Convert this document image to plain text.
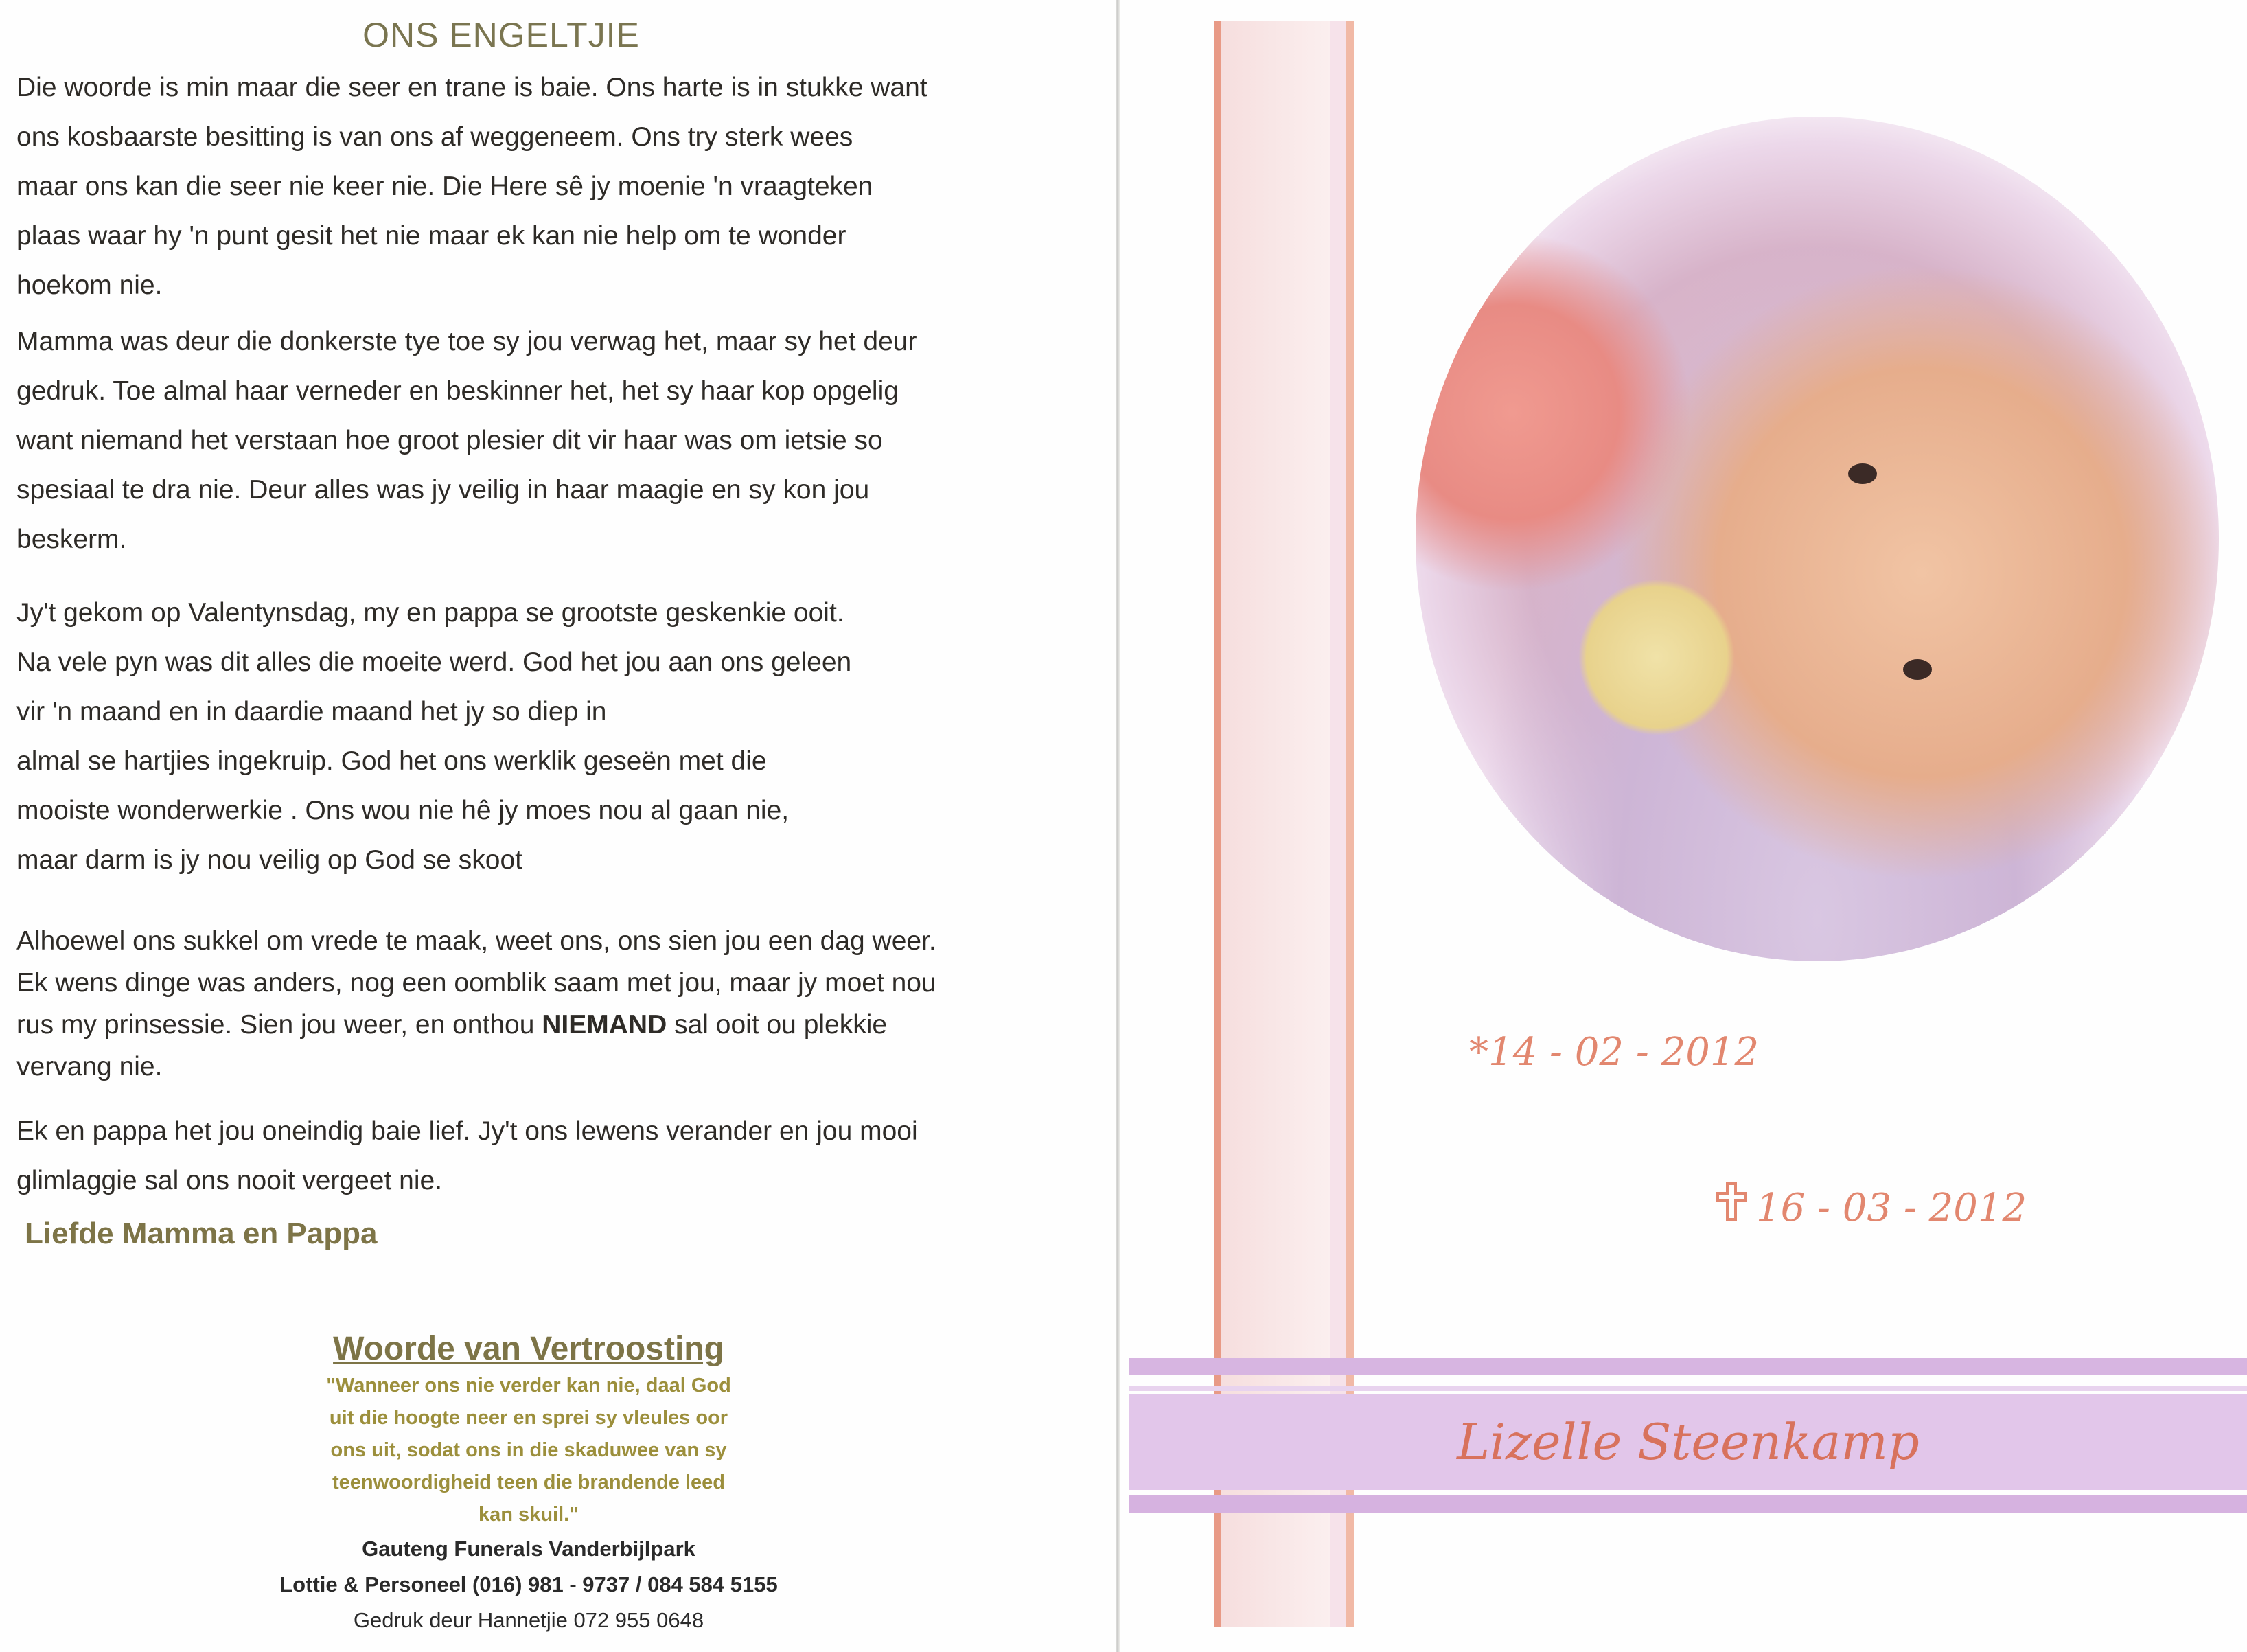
ONS ENGELTJIE
Die woorde is min maar die seer en trane is baie. Ons harte is in stukke want
ons kosbaarste besitting is van ons af weggeneem. Ons try sterk wees
maar ons kan die seer nie keer nie. Die Here sê jy moenie 'n vraagteken
plaas waar hy 'n punt gesit het nie maar ek kan nie help om te wonder
hoekom nie.
Mamma was deur die donkerste tye toe sy jou verwag het, maar sy het deur
gedruk. Toe almal haar verneder en beskinner het, het sy haar kop opgelig
want niemand het verstaan hoe groot plesier dit vir haar was om ietsie so
spesiaal te dra nie. Deur alles was jy veilig in haar maagie en sy kon jou
beskerm.
Jy't gekom op Valentynsdag, my en pappa se grootste geskenkie ooit.
Na vele pyn was dit alles die moeite werd. God het jou aan ons geleen
vir 'n maand en in daardie maand het jy so diep in
almal se hartjies ingekruip. God het ons werklik geseën met die
mooiste wonderwerkie . Ons wou nie hê jy moes nou al gaan nie,
maar darm is jy nou veilig op God se skoot
Alhoewel ons sukkel om vrede te maak, weet ons, ons sien jou een dag weer.
Ek wens dinge was anders, nog een oomblik saam met jou, maar jy moet nou
rus my prinsessie. Sien jou weer, en onthou NIEMAND sal ooit ou plekkie
vervang nie.
Ek en pappa het jou oneindig baie lief. Jy't ons lewens verander en jou mooi
glimlaggie sal ons nooit vergeet nie.
Liefde Mamma en Pappa
Woorde van Vertroosting
"Wanneer ons nie verder kan nie, daal God
uit die hoogte neer en sprei sy vleules oor
ons uit, sodat ons in die skaduwee van sy
teenwoordigheid teen die brandende leed
kan skuil."
Gauteng Funerals Vanderbijlpark
Lottie & Personeel (016) 981 - 9737 / 084 584 5155
Gedruk deur Hannetjie 072 955 0648
*14 - 02 - 2012
16 - 03 - 2012
Lizelle Steenkamp
